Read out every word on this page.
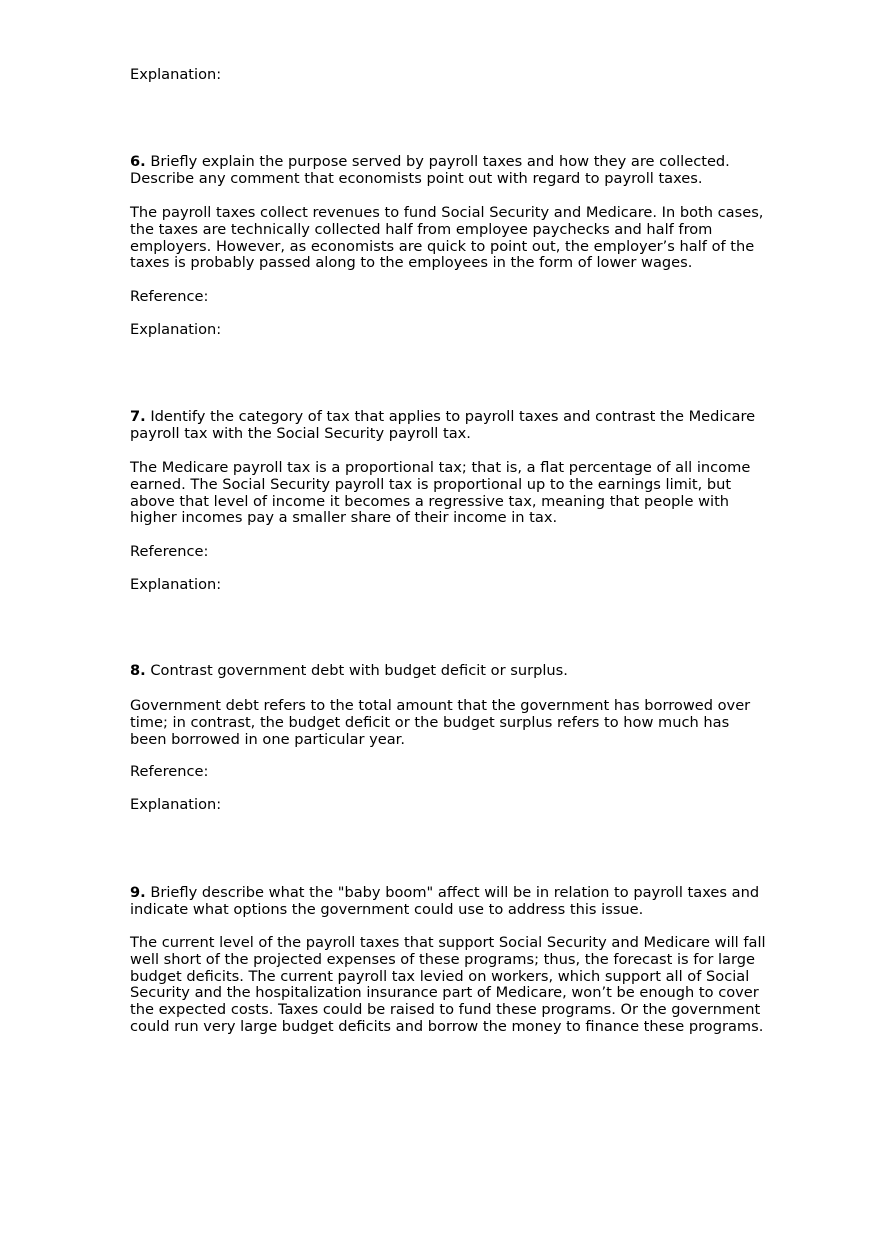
Explanation:

6. Briefly explain the purpose served by payroll taxes and how they are collected. Describe any comment that economists point out with regard to payroll taxes.

The payroll taxes collect revenues to fund Social Security and Medicare. In both cases, the taxes are technically collected half from employee paychecks and half from employers. However, as economists are quick to point out, the employer’s half of the taxes is probably passed along to the employees in the form of lower wages.

Reference:

Explanation:

7. Identify the category of tax that applies to payroll taxes and contrast the Medicare payroll tax with the Social Security payroll tax.

The Medicare payroll tax is a proportional tax; that is, a flat percentage of all income earned. The Social Security payroll tax is proportional up to the earnings limit, but above that level of income it becomes a regressive tax, meaning that people with higher incomes pay a smaller share of their income in tax.

Reference:

Explanation:

8. Contrast government debt with budget deficit or surplus.

Government debt refers to the total amount that the government has borrowed over time; in contrast, the budget deficit or the budget surplus refers to how much has been borrowed in one particular year.

Reference:

Explanation:

9. Briefly describe what the "baby boom" affect will be in relation to payroll taxes and indicate what options the government could use to address this issue.

The current level of the payroll taxes that support Social Security and Medicare will fall well short of the projected expenses of these programs; thus, the forecast is for large budget deficits. The current payroll tax levied on workers, which support all of Social Security and the hospitalization insurance part of Medicare, won’t be enough to cover the expected costs. Taxes could be raised to fund these programs. Or the government could run very large budget deficits and borrow the money to finance these programs.
